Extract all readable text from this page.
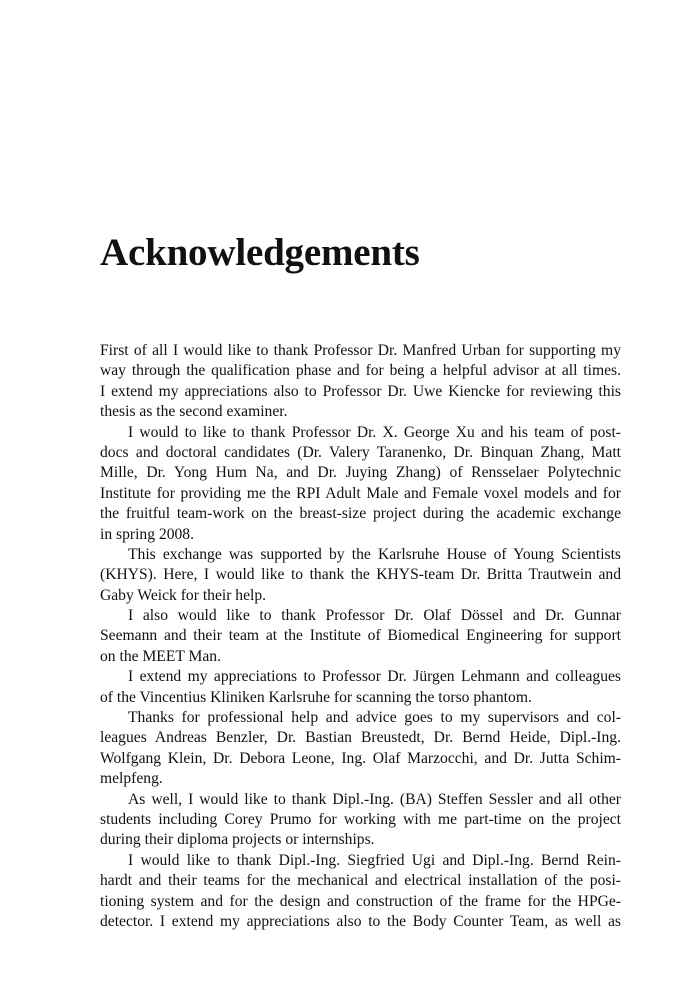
Acknowledgements
First of all I would like to thank Professor Dr. Manfred Urban for supporting my
way through the qualification phase and for being a helpful advisor at all times.
I extend my appreciations also to Professor Dr. Uwe Kiencke for reviewing this
thesis as the second examiner.
I would to like to thank Professor Dr. X. George Xu and his team of post-
docs and doctoral candidates (Dr. Valery Taranenko, Dr. Binquan Zhang, Matt
Mille, Dr. Yong Hum Na, and Dr. Juying Zhang) of Rensselaer Polytechnic
Institute for providing me the RPI Adult Male and Female voxel models and for
the fruitful team-work on the breast-size project during the academic exchange
in spring 2008.
This exchange was supported by the Karlsruhe House of Young Scientists
(KHYS). Here, I would like to thank the KHYS-team Dr. Britta Trautwein and
Gaby Weick for their help.
I also would like to thank Professor Dr. Olaf Dössel and Dr. Gunnar
Seemann and their team at the Institute of Biomedical Engineering for support
on the MEET Man.
I extend my appreciations to Professor Dr. Jürgen Lehmann and colleagues
of the Vincentius Kliniken Karlsruhe for scanning the torso phantom.
Thanks for professional help and advice goes to my supervisors and col-
leagues Andreas Benzler, Dr. Bastian Breustedt, Dr. Bernd Heide, Dipl.-Ing.
Wolfgang Klein, Dr. Debora Leone, Ing. Olaf Marzocchi, and Dr. Jutta Schim-
melpfeng.
As well, I would like to thank Dipl.-Ing. (BA) Steffen Sessler and all other
students including Corey Prumo for working with me part-time on the project
during their diploma projects or internships.
I would like to thank Dipl.-Ing. Siegfried Ugi and Dipl.-Ing. Bernd Rein-
hardt and their teams for the mechanical and electrical installation of the posi-
tioning system and for the design and construction of the frame for the HPGe-
detector. I extend my appreciations also to the Body Counter Team, as well as
